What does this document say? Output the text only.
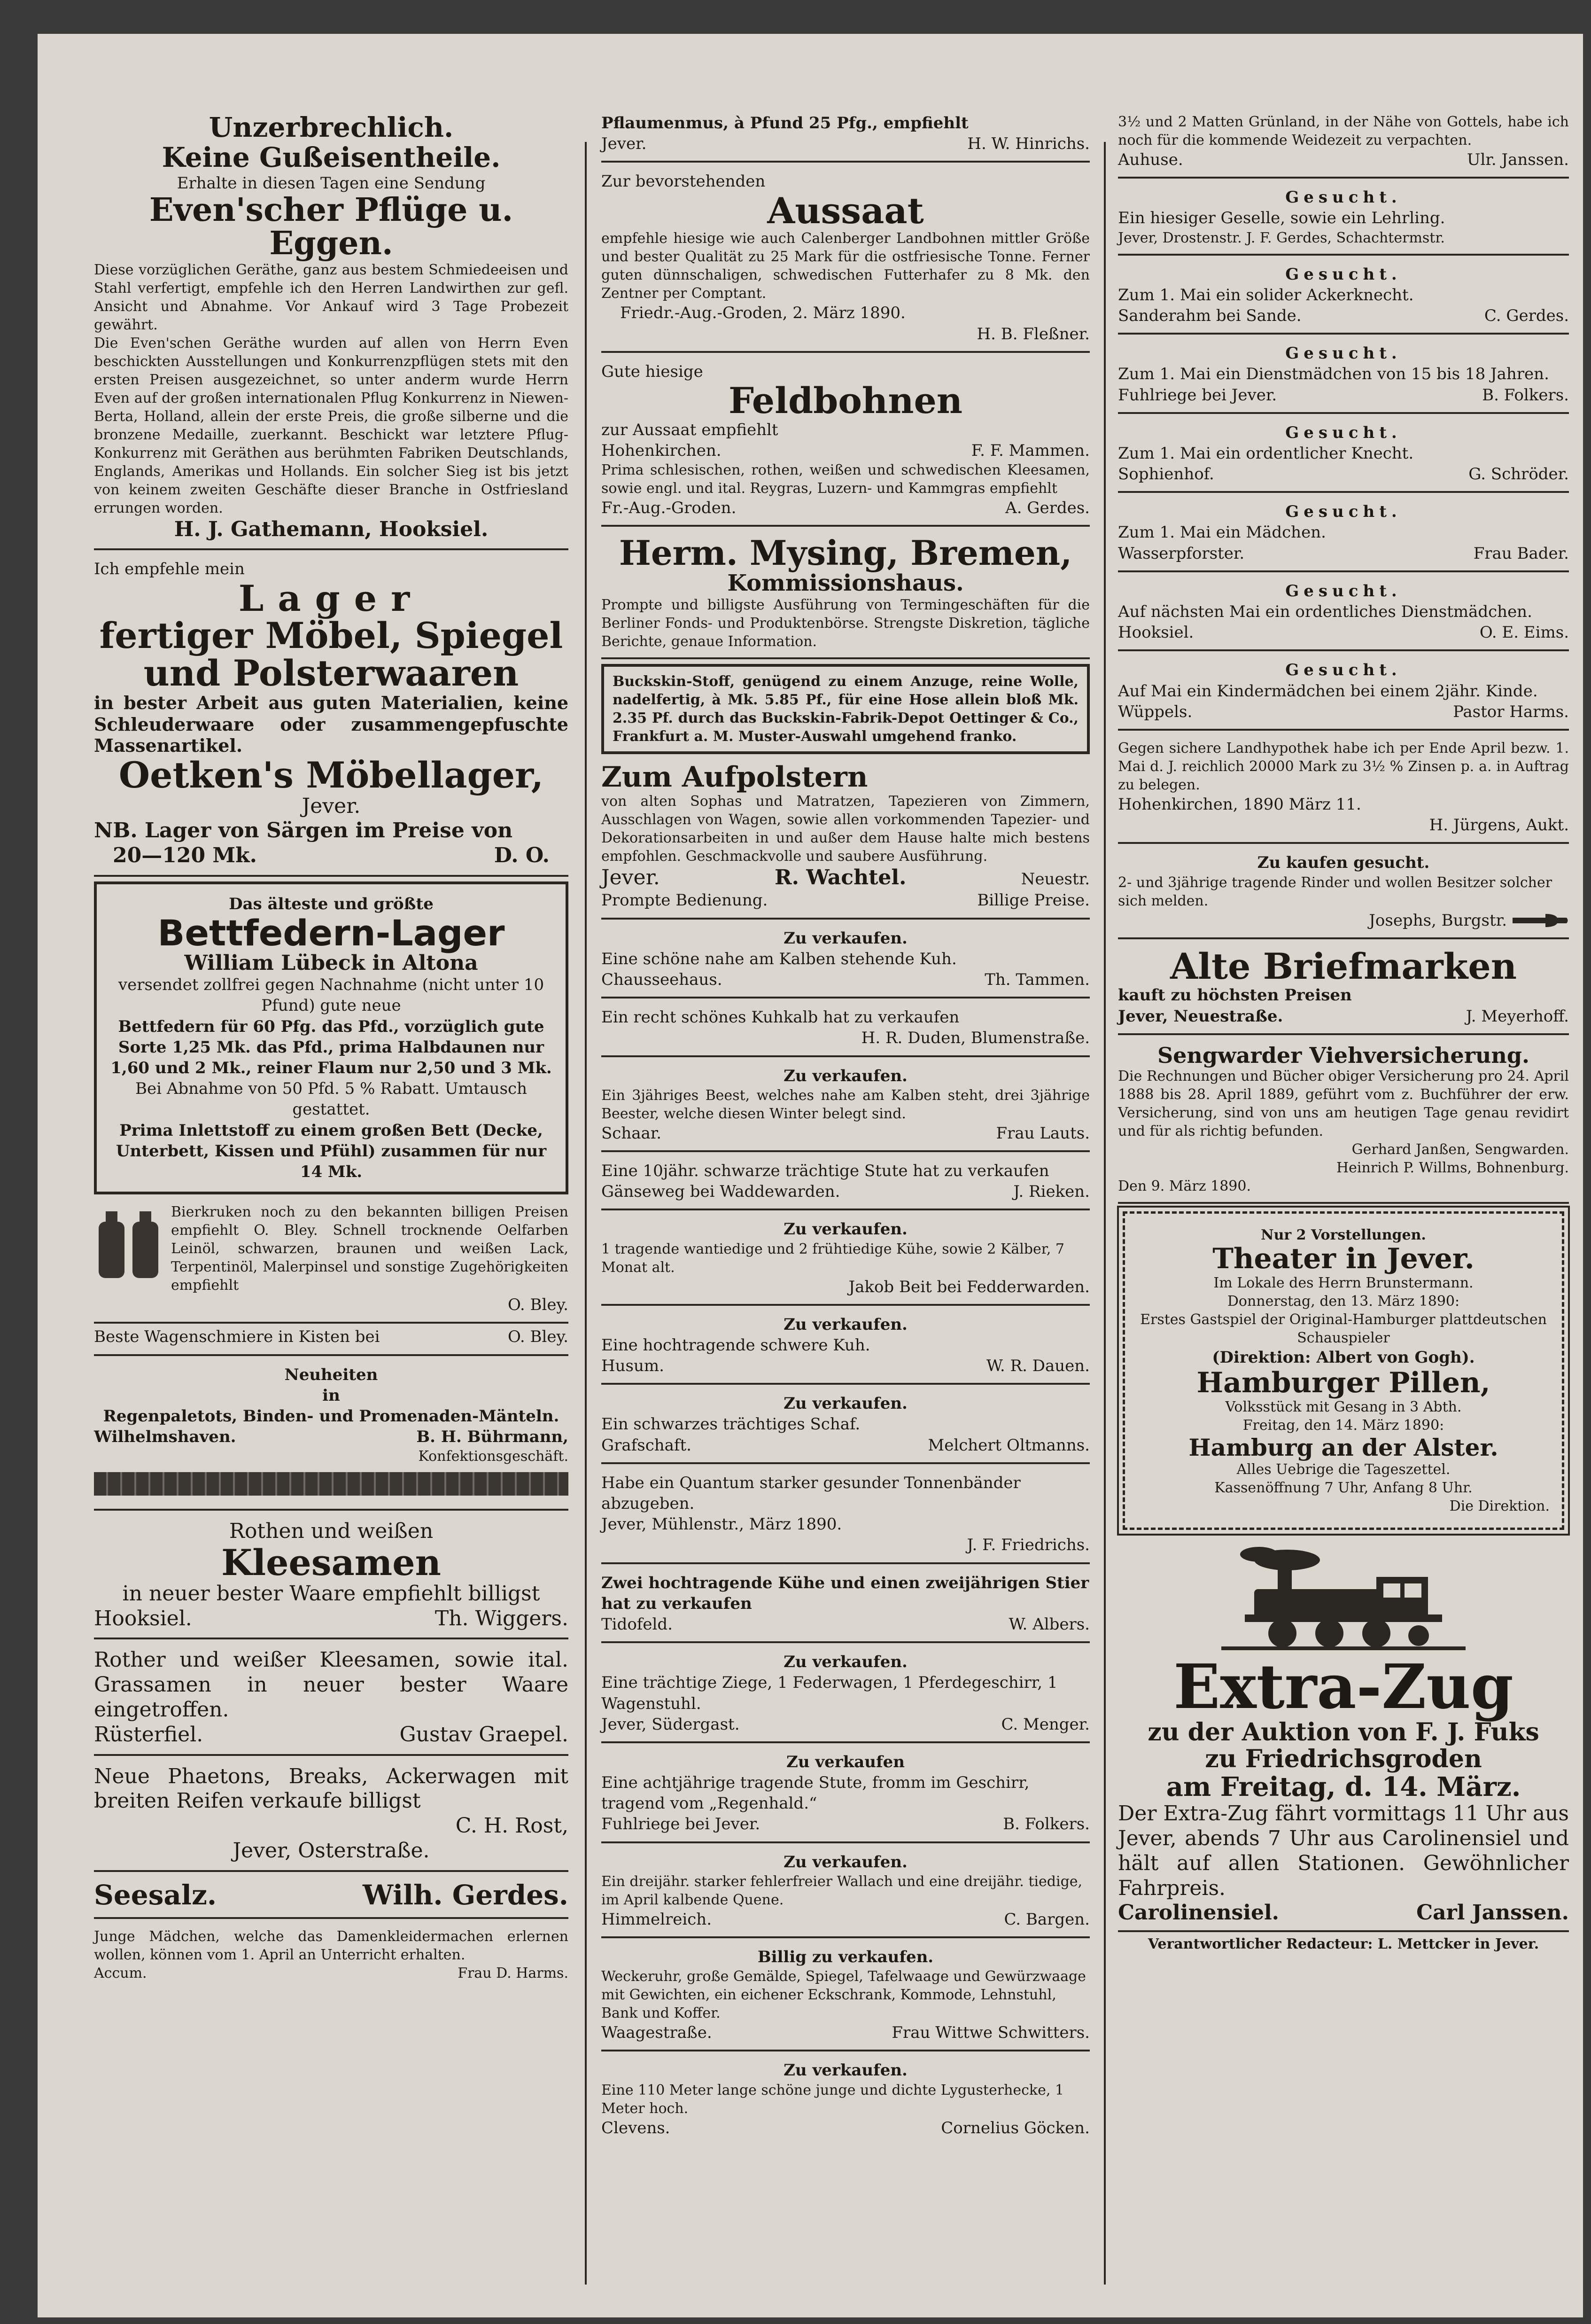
Unzerbrechlich.
Keine Gußeisentheile.
Erhalte in diesen Tagen eine Sendung
Even'scher Pflüge u. Eggen.
Diese vorzüglichen Geräthe, ganz aus bestem Schmiedeeisen und Stahl verfertigt, empfehle ich den Herren Landwirthen zur gefl. Ansicht und Abnahme. Vor Ankauf wird 3 Tage Probezeit gewährt.
Die Even'schen Geräthe wurden auf allen von Herrn Even beschickten Ausstellungen und Konkurrenzpflügen stets mit den ersten Preisen ausgezeichnet, so unter anderm wurde Herrn Even auf der großen internationalen Pflug Konkurrenz in Niewen-Berta, Holland, allein der erste Preis, die große silberne und die bronzene Medaille, zuerkannt. Beschickt war letztere Pflug-Konkurrenz mit Geräthen aus berühmten Fabriken Deutschlands, Englands, Amerikas und Hollands. Ein solcher Sieg ist bis jetzt von keinem zweiten Geschäfte dieser Branche in Ostfriesland errungen worden.
H. J. Gathemann, Hooksiel.
Ich empfehle mein
Lager
fertiger Möbel, Spiegel
und Polsterwaaren
in bester Arbeit aus guten Materialien, keine Schleuderwaare oder zusammengepfuschte Massenartikel.
Oetken's Möbellager,
Jever.
NB. Lager von Särgen im Preise von
20—120 Mk.	D. O.
Das älteste und größte
Bettfedern-Lager
William Lübeck in Altona
versendet zollfrei gegen Nachnahme (nicht unter 10 Pfund) gute neue
Bettfedern für 60 Pfg. das Pfd., vorzüglich gute Sorte 1,25 Mk. das Pfd., prima Halbdaunen nur 1,60 und 2 Mk., reiner Flaum nur 2,50 und 3 Mk.
Bei Abnahme von 50 Pfd. 5 % Rabatt. Umtausch gestattet.
Prima Inlettstoff zu einem großen Bett (Decke, Unterbett, Kissen und Pfühl) zusammen für nur 14 Mk.
Bierkruken noch zu den bekannten billigen Preisen empfiehlt O. Bley. Schnell trocknende Oelfarben Leinöl, schwarzen, braunen und weißen Lack, Terpentinöl, Malerpinsel und sonstige Zugehörigkeiten empfiehlt
O. Bley.
Beste Wagenschmiere in Kisten bei	O. Bley.
Neuheiten
in
Regenpaletots, Binden- und Promenaden-Mänteln.
Wilhelmshaven.	B. H. Bührmann,
Konfektionsgeschäft.
Rothen und weißen
Kleesamen
in neuer bester Waare empfiehlt billigst
Hooksiel.	Th. Wiggers.
Rother und weißer Kleesamen, sowie ital. Grassamen in neuer bester Waare eingetroffen.
Rüsterfiel.	Gustav Graepel.
Neue Phaetons, Breaks, Ackerwagen mit breiten Reifen verkaufe billigst
C. H. Rost,
Jever, Osterstraße.
Seesalz.	Wilh. Gerdes.
Junge Mädchen, welche das Damenkleidermachen erlernen wollen, können vom 1. April an Unterricht erhalten.
Accum.	Frau D. Harms.
Pflaumenmus, à Pfund 25 Pfg., empfiehlt
Jever.	H. W. Hinrichs.
Zur bevorstehenden
Aussaat
empfehle hiesige wie auch Calenberger Landbohnen mittler Größe und bester Qualität zu 25 Mark für die ostfriesische Tonne. Ferner guten dünnschaligen, schwedischen Futterhafer zu 8 Mk. den Zentner per Comptant.
Friedr.-Aug.-Groden, 2. März 1890.
H. B. Fleßner.
Gute hiesige
Feldbohnen
zur Aussaat empfiehlt
Hohenkirchen.	F. F. Mammen.
Prima schlesischen, rothen, weißen und schwedischen Kleesamen, sowie engl. und ital. Reygras, Luzern- und Kammgras empfiehlt
Fr.-Aug.-Groden.	A. Gerdes.
Herm. Mysing, Bremen,
Kommissionshaus.
Prompte und billigste Ausführung von Termingeschäften für die Berliner Fonds- und Produktenbörse. Strengste Diskretion, tägliche Berichte, genaue Information.
Buckskin-Stoff, genügend zu einem Anzuge, reine Wolle, nadelfertig, à Mk. 5.85 Pf., für eine Hose allein bloß Mk. 2.35 Pf. durch das Buckskin-Fabrik-Depot Oettinger & Co., Frankfurt a. M. Muster-Auswahl umgehend franko.
Zum Aufpolstern
von alten Sophas und Matratzen, Tapezieren von Zimmern, Ausschlagen von Wagen, sowie allen vorkommenden Tapezier- und Dekorationsarbeiten in und außer dem Hause halte mich bestens empfohlen. Geschmackvolle und saubere Ausführung.
Jever.	R. Wachtel.	Neuestr.
Prompte Bedienung.	Billige Preise.
Zu verkaufen.
Eine schöne nahe am Kalben stehende Kuh.
Chausseehaus.	Th. Tammen.
Ein recht schönes Kuhkalb hat zu verkaufen
H. R. Duden, Blumenstraße.
Zu verkaufen.
Ein 3jähriges Beest, welches nahe am Kalben steht, drei 3jährige Beester, welche diesen Winter belegt sind.
Schaar.	Frau Lauts.
Eine 10jähr. schwarze trächtige Stute hat zu verkaufen
Gänseweg bei Waddewarden.	J. Rieken.
Zu verkaufen.
1 tragende wantiedige und 2 frühtiedige Kühe, sowie 2 Kälber, 7 Monat alt.
Jakob Beit bei Fedderwarden.
Zu verkaufen.
Eine hochtragende schwere Kuh.
Husum.	W. R. Dauen.
Zu verkaufen.
Ein schwarzes trächtiges Schaf.
Grafschaft.	Melchert Oltmanns.
Habe ein Quantum starker gesunder Tonnenbänder abzugeben.
Jever, Mühlenstr., März 1890.
J. F. Friedrichs.
Zwei hochtragende Kühe und einen zweijährigen Stier hat zu verkaufen
Tidofeld.	W. Albers.
Zu verkaufen.
Eine trächtige Ziege, 1 Federwagen, 1 Pferdegeschirr, 1 Wagenstuhl.
Jever, Südergast.	C. Menger.
Zu verkaufen
Eine achtjährige tragende Stute, fromm im Geschirr, tragend vom „Regenhald.“
Fuhlriege bei Jever.	B. Folkers.
Zu verkaufen.
Ein dreijähr. starker fehlerfreier Wallach und eine dreijähr. tiedige, im April kalbende Quene.
Himmelreich.	C. Bargen.
Billig zu verkaufen.
Weckeruhr, große Gemälde, Spiegel, Tafelwaage und Gewürzwaage mit Gewichten, ein eichener Eckschrank, Kommode, Lehnstuhl, Bank und Koffer.
Waagestraße.	Frau Wittwe Schwitters.
Zu verkaufen.
Eine 110 Meter lange schöne junge und dichte Lygusterhecke, 1 Meter hoch.
Clevens.	Cornelius Göcken.
3½ und 2 Matten Grünland, in der Nähe von Gottels, habe ich noch für die kommende Weidezeit zu verpachten.
Auhuse.	Ulr. Janssen.
Gesucht.
Ein hiesiger Geselle, sowie ein Lehrling.
Jever, Drostenstr. J. F. Gerdes, Schachtermstr.
Gesucht.
Zum 1. Mai ein solider Ackerknecht.
Sanderahm bei Sande.	C. Gerdes.
Gesucht.
Zum 1. Mai ein Dienstmädchen von 15 bis 18 Jahren.
Fuhlriege bei Jever.	B. Folkers.
Gesucht.
Zum 1. Mai ein ordentlicher Knecht.
Sophienhof.	G. Schröder.
Gesucht.
Zum 1. Mai ein Mädchen.
Wasserpforster.	Frau Bader.
Gesucht.
Auf nächsten Mai ein ordentliches Dienstmädchen.
Hooksiel.	O. E. Eims.
Gesucht.
Auf Mai ein Kindermädchen bei einem 2jähr. Kinde.
Wüppels.	Pastor Harms.
Gegen sichere Landhypothek habe ich per Ende April bezw. 1. Mai d. J. reichlich 20000 Mark zu 3½ % Zinsen p. a. in Auftrag zu belegen.
Hohenkirchen, 1890 März 11.
H. Jürgens, Aukt.
Zu kaufen gesucht.
2- und 3jährige tragende Rinder und wollen Besitzer solcher sich melden.
Josephs, Burgstr.
Alte Briefmarken
kauft zu höchsten Preisen
Jever, Neuestraße.	J. Meyerhoff.
Sengwarder Viehversicherung.
Die Rechnungen und Bücher obiger Versicherung pro 24. April 1888 bis 28. April 1889, geführt vom z. Buchführer der erw. Versicherung, sind von uns am heutigen Tage genau revidirt und für als richtig befunden.
Gerhard Janßen, Sengwarden.
Heinrich P. Willms, Bohnenburg.
Den 9. März 1890.
Nur 2 Vorstellungen.
Theater in Jever.
Im Lokale des Herrn Brunstermann.
Donnerstag, den 13. März 1890:
Erstes Gastspiel der Original-Hamburger plattdeutschen Schauspieler
(Direktion: Albert von Gogh).
Hamburger Pillen,
Volksstück mit Gesang in 3 Abth.
Freitag, den 14. März 1890:
Hamburg an der Alster.
Alles Uebrige die Tageszettel.
Kassenöffnung 7 Uhr, Anfang 8 Uhr.
Die Direktion.
Extra-Zug
zu der Auktion von F. J. Fuks
zu Friedrichsgroden
am Freitag, d. 14. März.
Der Extra-Zug fährt vormittags 11 Uhr aus Jever, abends 7 Uhr aus Carolinensiel und hält auf allen Stationen. Gewöhnlicher Fahrpreis.
Carolinensiel.	Carl Janssen.
Verantwortlicher Redacteur: L. Mettcker in Jever.
